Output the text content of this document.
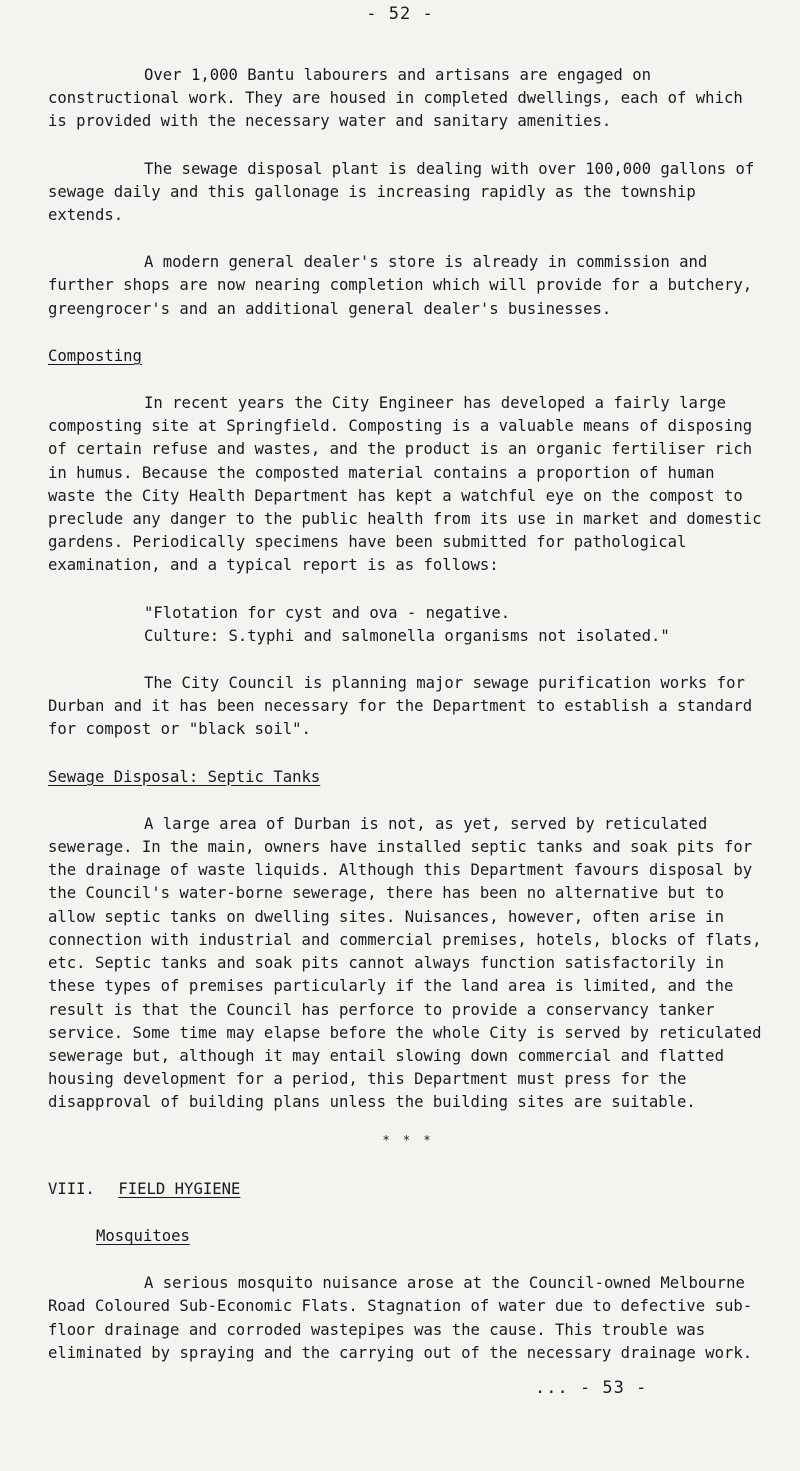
- 52 -

Over 1,000 Bantu labourers and artisans are engaged on constructional work. They are housed in completed dwellings, each of which is provided with the necessary water and sanitary amenities.

The sewage disposal plant is dealing with over 100,000 gallons of sewage daily and this gallonage is increasing rapidly as the township extends.

A modern general dealer's store is already in commission and further shops are now nearing completion which will provide for a butchery, greengrocer's and an additional general dealer's businesses.

Composting

In recent years the City Engineer has developed a fairly large composting site at Springfield. Composting is a valuable means of disposing of certain refuse and wastes, and the product is an organic fertiliser rich in humus. Because the composted material contains a proportion of human waste the City Health Department has kept a watchful eye on the compost to preclude any danger to the public health from its use in market and domestic gardens. Periodically specimens have been submitted for pathological examination, and a typical report is as follows:

"Flotation for cyst and ova - negative.
Culture: S.typhi and salmonella organisms not isolated."

The City Council is planning major sewage purification works for Durban and it has been necessary for the Department to establish a standard for compost or "black soil".

Sewage Disposal: Septic Tanks

A large area of Durban is not, as yet, served by reticulated sewerage. In the main, owners have installed septic tanks and soak pits for the drainage of waste liquids. Although this Department favours disposal by the Council's water-borne sewerage, there has been no alternative but to allow septic tanks on dwelling sites. Nuisances, however, often arise in connection with industrial and commercial premises, hotels, blocks of flats, etc. Septic tanks and soak pits cannot always function satisfactorily in these types of premises particularly if the land area is limited, and the result is that the Council has perforce to provide a conservancy tanker service. Some time may elapse before the whole City is served by reticulated sewerage but, although it may entail slowing down commercial and flatted housing development for a period, this Department must press for the disapproval of building plans unless the building sites are suitable.

* * *
VIII. FIELD HYGIENE
Mosquitoes

A serious mosquito nuisance arose at the Council-owned Melbourne Road Coloured Sub-Economic Flats. Stagnation of water due to defective sub-floor drainage and corroded wastepipes was the cause. This trouble was eliminated by spraying and the carrying out of the necessary drainage work.

... - 53 -
